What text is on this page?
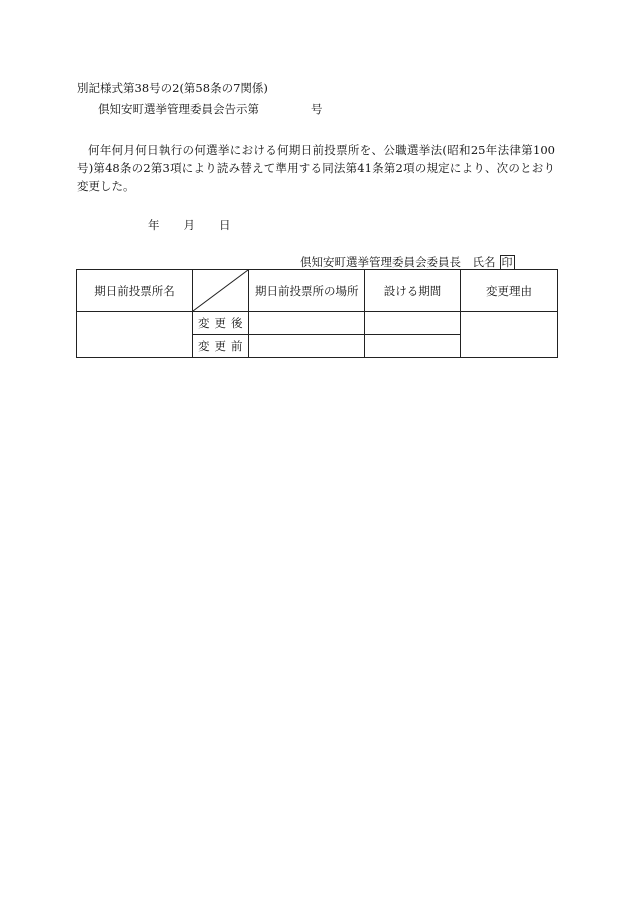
別記様式第38号の2(第58条の7関係)
倶知安町選挙管理委員会告示第	号
何年何月何日執行の何選挙における何期日前投票所を、公職選挙法(昭和25年法律第100号)第48条の2第3項により読み替えて準用する同法第41条第2項の規定により、次のとおり変更した。
年 月 日
倶知安町選挙管理委員会委員長　氏名 印
期日前投票所名		期日前投票所の場所	設ける期間	変更理由
	変更後			
	変更前			
